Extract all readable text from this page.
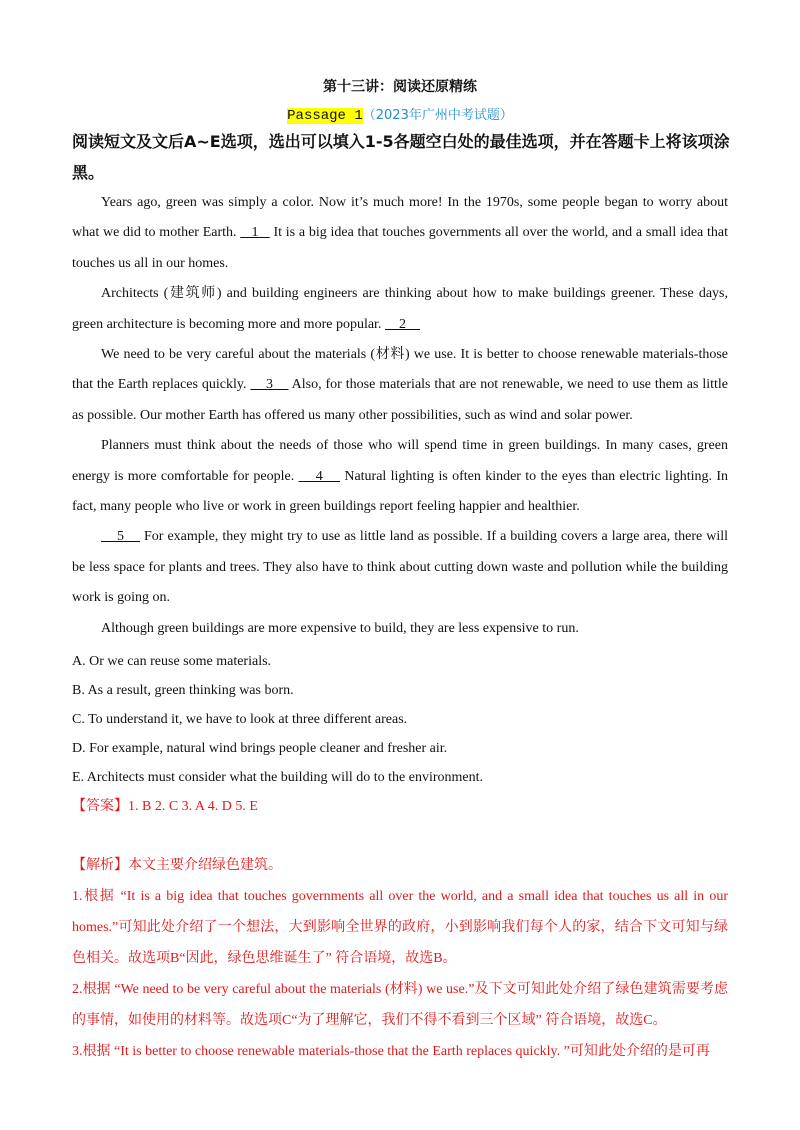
第十三讲：阅读还原精练
Passage 1（2023年广州中考试题）
阅读短文及文后A~E选项，选出可以填入1-5各题空白处的最佳选项，并在答题卡上将该项涂黑。

Years ago, green was simply a color. Now it’s much more! In the 1970s, some people began to worry about what we did to mother Earth.    1    It is a big idea that touches governments all over the world, and a small idea that touches us all in our homes.

Architects (建筑师) and building engineers are thinking about how to make buildings greener. These days, green architecture is becoming more and more popular.     2

We need to be very careful about the materials (材料) we use. It is better to choose renewable materials-those that the Earth replaces quickly.     3     Also, for those materials that are not renewable, we need to use them as little as possible. Our mother Earth has offered us many other possibilities, such as wind and solar power.

Planners must think about the needs of those who will spend time in green buildings. In many cases, green energy is more comfortable for people.     4     Natural lighting is often kinder to the eyes than electric lighting. In fact, many people who live or work in green buildings report feeling happier and healthier.

5     For example, they might try to use as little land as possible. If a building covers a large area, there will be less space for plants and trees. They also have to think about cutting down waste and pollution while the building work is going on.

Although green buildings are more expensive to build, they are less expensive to run.

A. Or we can reuse some materials.
B. As a result, green thinking was born.
C. To understand it, we have to look at three different areas.
D. For example, natural wind brings people cleaner and fresher air.
E. Architects must consider what the building will do to the environment.
【答案】1. B 2. C 3. A 4. D 5. E

【解析】本文主要介绍绿色建筑。

1.根据 “It is a big idea that touches governments all over the world, and a small idea that touches us all in our homes.”可知此处介绍了一个想法，大到影响全世界的政府，小到影响我们每个人的家，结合下文可知与绿色相关。故选项B“因此，绿色思维诞生了” 符合语境，故选B。

2.根据 “We need to be very careful about the materials (材料) we use.”及下文可知此处介绍了绿色建筑需要考虑的事情，如使用的材料等。故选项C“为了理解它，我们不得不看到三个区域” 符合语境，故选C。

3.根据 “It is better to choose renewable materials-those that the Earth replaces quickly. ”可知此处介绍的是可再
